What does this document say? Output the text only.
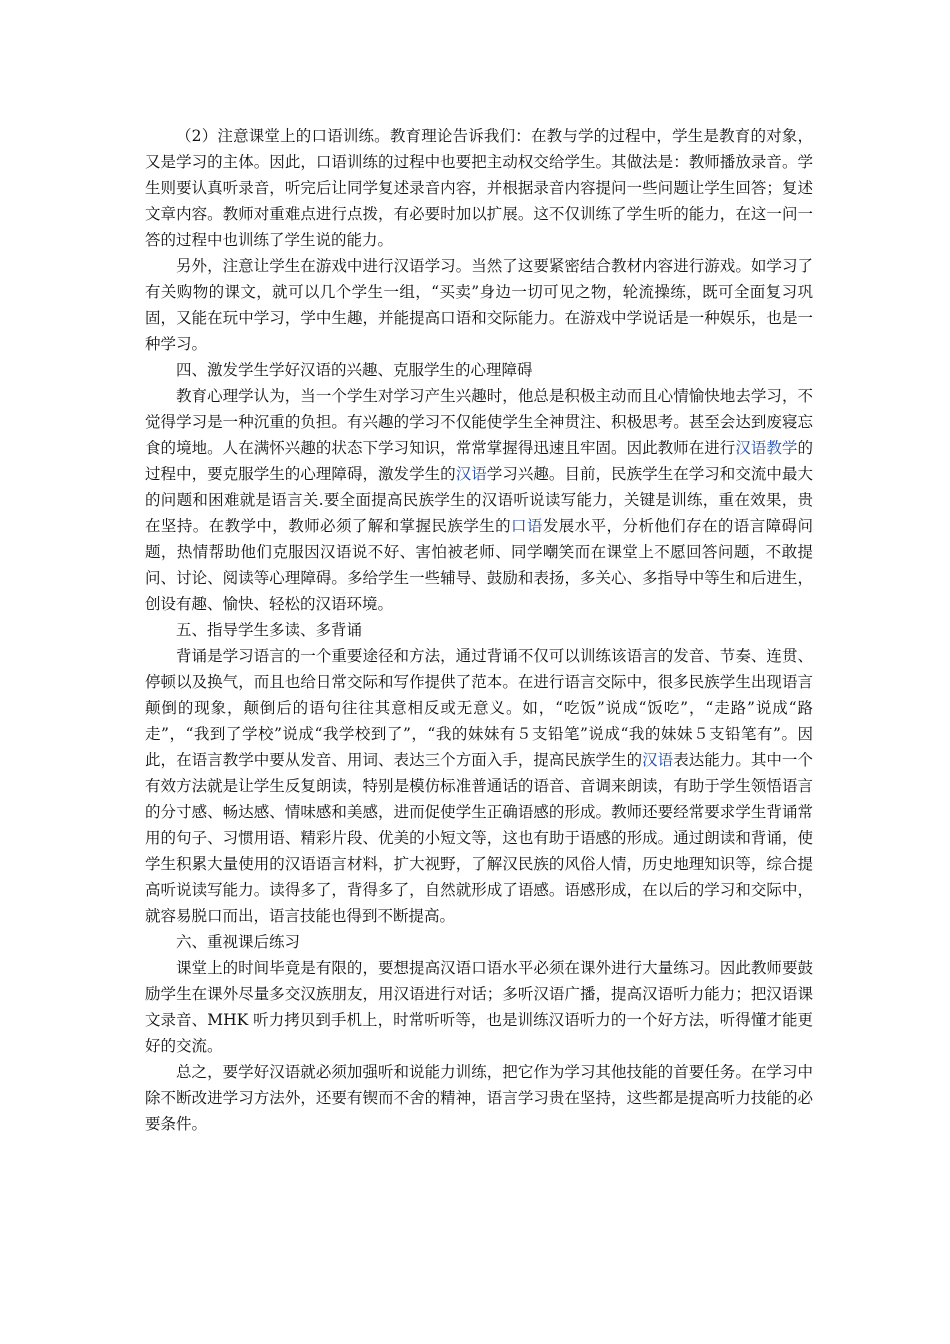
（2）注意课堂上的口语训练。教育理论告诉我们：在教与学的过程中，学生是教育的对象，又是学习的主体。因此，口语训练的过程中也要把主动权交给学生。其做法是：教师播放录音。学生则要认真听录音，听完后让同学复述录音内容，并根据录音内容提问一些问题让学生回答；复述文章内容。教师对重难点进行点拨，有必要时加以扩展。这不仅训练了学生听的能力，在这一问一答的过程中也训练了学生说的能力。

另外，注意让学生在游戏中进行汉语学习。当然了这要紧密结合教材内容进行游戏。如学习了有关购物的课文，就可以几个学生一组，“买卖”身边一切可见之物，轮流操练，既可全面复习巩固，又能在玩中学习，学中生趣，并能提高口语和交际能力。在游戏中学说话是一种娱乐，也是一种学习。

四、激发学生学好汉语的兴趣、克服学生的心理障碍

教育心理学认为，当一个学生对学习产生兴趣时，他总是积极主动而且心情愉快地去学习，不觉得学习是一种沉重的负担。有兴趣的学习不仅能使学生全神贯注、积极思考。甚至会达到废寝忘食的境地。人在满怀兴趣的状态下学习知识，常常掌握得迅速且牢固。因此教师在进行汉语教学的过程中，要克服学生的心理障碍，激发学生的汉语学习兴趣。目前，民族学生在学习和交流中最大的问题和困难就是语言关.要全面提高民族学生的汉语听说读写能力，关键是训练，重在效果，贵在坚持。在教学中，教师必须了解和掌握民族学生的口语发展水平，分析他们存在的语言障碍问题，热情帮助他们克服因汉语说不好、害怕被老师、同学嘲笑而在课堂上不愿回答问题，不敢提问、讨论、阅读等心理障碍。多给学生一些辅导、鼓励和表扬，多关心、多指导中等生和后进生，创设有趣、愉快、轻松的汉语环境。

五、指导学生多读、多背诵

背诵是学习语言的一个重要途径和方法，通过背诵不仅可以训练该语言的发音、节奏、连贯、停顿以及换气，而且也给日常交际和写作提供了范本。在进行语言交际中，很多民族学生出现语言颠倒的现象，颠倒后的语句往往其意相反或无意义。如，“吃饭”说成“饭吃”，“走路”说成“路走”，“我到了学校”说成“我学校到了”，“我的妹妹有５支铅笔”说成“我的妹妹５支铅笔有”。因此，在语言教学中要从发音、用词、表达三个方面入手，提高民族学生的汉语表达能力。其中一个有效方法就是让学生反复朗读，特别是模仿标准普通话的语音、音调来朗读，有助于学生领悟语言的分寸感、畅达感、情味感和美感，进而促使学生正确语感的形成。教师还要经常要求学生背诵常用的句子、习惯用语、精彩片段、优美的小短文等，这也有助于语感的形成。通过朗读和背诵，使学生积累大量使用的汉语语言材料，扩大视野，了解汉民族的风俗人情，历史地理知识等，综合提高听说读写能力。读得多了，背得多了，自然就形成了语感。语感形成，在以后的学习和交际中，就容易脱口而出，语言技能也得到不断提高。

六、重视课后练习

课堂上的时间毕竟是有限的，要想提高汉语口语水平必须在课外进行大量练习。因此教师要鼓励学生在课外尽量多交汉族朋友，用汉语进行对话；多听汉语广播，提高汉语听力能力；把汉语课文录音、MHK 听力拷贝到手机上，时常听听等，也是训练汉语听力的一个好方法，听得懂才能更好的交流。

总之，要学好汉语就必须加强听和说能力训练，把它作为学习其他技能的首要任务。在学习中除不断改进学习方法外，还要有锲而不舍的精神，语言学习贵在坚持，这些都是提高听力技能的必要条件。
